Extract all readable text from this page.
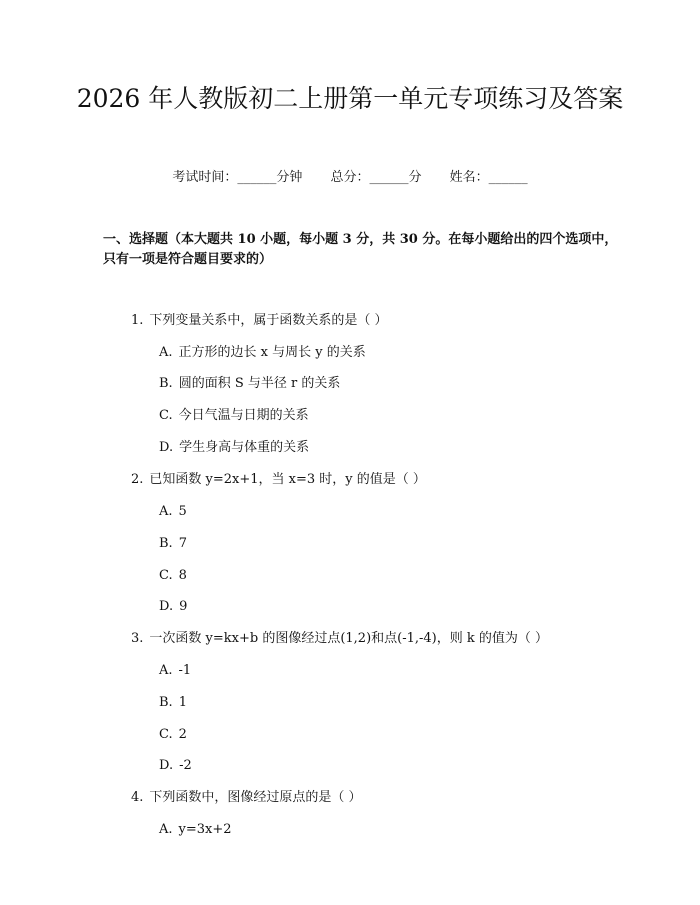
2026 年人教版初二上册第一单元专项练习及答案
考试时间：______分钟 总分：______分 姓名：______

一、选择题（本大题共 10 小题，每小题 3 分，共 30 分。在每小题给出的四个选项中，只有一项是符合题目要求的）

1. 下列变量关系中，属于函数关系的是（ ）
A. 正方形的边长 x 与周长 y 的关系
B. 圆的面积 S 与半径 r 的关系
C. 今日气温与日期的关系
D. 学生身高与体重的关系
2. 已知函数 y=2x+1，当 x=3 时，y 的值是（ ）
A. 5
B. 7
C. 8
D. 9
3. 一次函数 y=kx+b 的图像经过点(1,2)和点(-1,-4)，则 k 的值为（ ）
A. -1
B. 1
C. 2
D. -2
4. 下列函数中，图像经过原点的是（ ）
A. y=3x+2
